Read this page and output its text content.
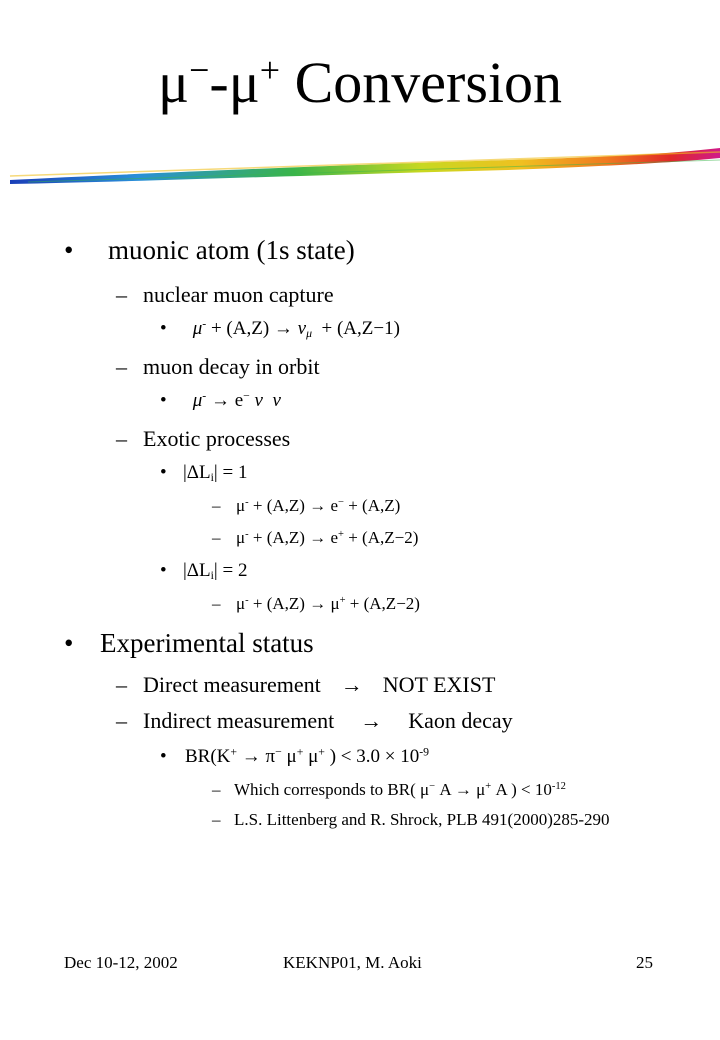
μ−-μ+ Conversion
• muonic atom (1s state)
– nuclear muon capture
• $\mu^- + (A,Z) \to \nu_\mu + (A,Z-1)$
– muon decay in orbit
• μ- → e− ν ν
– Exotic processes
• $|\Delta L_i| = 1$
– μ- + (A,Z) → e− + (A,Z)
– μ- + (A,Z) → e+ + (A,Z−2)
• $|\Delta L_i| = 2$
– μ- + (A,Z) → μ+ + (A,Z−2)
• Experimental status
– Direct measurement → NOT EXIST
– Indirect measurement → Kaon decay
• BR(K+ → π− μ+ μ+ ) < $3.0 \times 10^{-9}$
– Which corresponds to BR( μ− A → μ+ A ) < $10^{-12}$
– L.S. Littenberg and R. Shrock, PLB 491(2000)285-290
Dec 10-12, 2002	KEKNP01, M. Aoki	25
